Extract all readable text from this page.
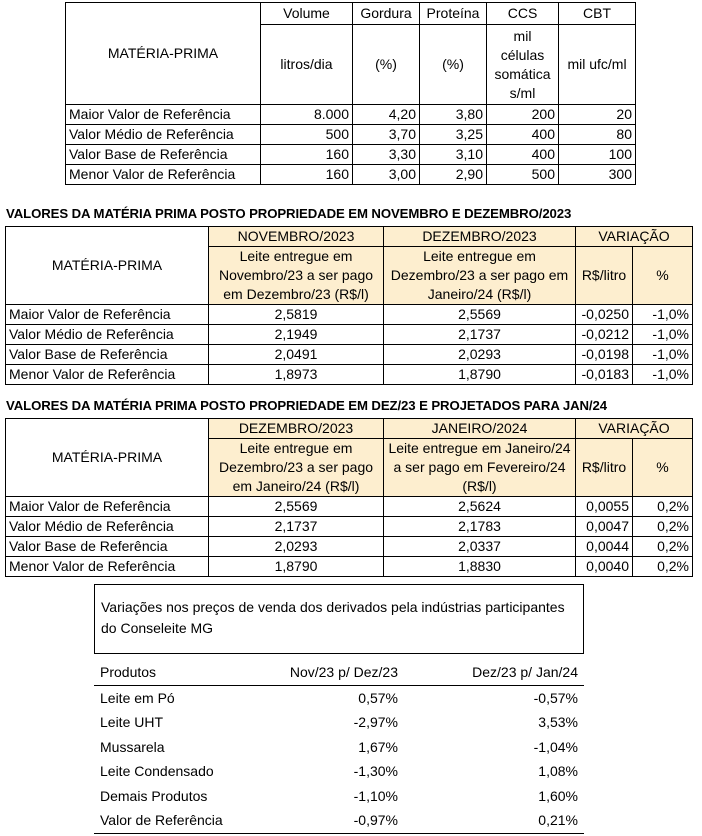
MATÉRIA-PRIMA	Volume	Gordura	Proteína	CCS	CBT
	litros/dia	(%)	(%)	mil células somática s/ml	mil ufc/ml
Maior Valor de Referência	8.000	4,20	3,80	200	20
Valor Médio de Referência	500	3,70	3,25	400	80
Valor Base de Referência	160	3,30	3,10	400	100
Menor Valor de Referência	160	3,00	2,90	500	300
VALORES DA MATÉRIA PRIMA POSTO PROPRIEDADE EM NOVEMBRO E DEZEMBRO/2023
MATÉRIA-PRIMA	NOVEMBRO/2023	DEZEMBRO/2023	VARIAÇÃO	
	Leite entregue em Novembro/23 a ser pago em Dezembro/23 (R$/l)	Leite entregue em Dezembro/23 a ser pago em Janeiro/24 (R$/l)	R$/litro	%
Maior Valor de Referência	2,5819	2,5569	-0,0250	-1,0%
Valor Médio de Referência	2,1949	2,1737	-0,0212	-1,0%
Valor Base de Referência	2,0491	2,0293	-0,0198	-1,0%
Menor Valor de Referência	1,8973	1,8790	-0,0183	-1,0%
VALORES DA MATÉRIA PRIMA POSTO PROPRIEDADE EM DEZ/23 E PROJETADOS PARA JAN/24
MATÉRIA-PRIMA	DEZEMBRO/2023	JANEIRO/2024	VARIAÇÃO	
	Leite entregue em Dezembro/23 a ser pago em Janeiro/24 (R$/l)	Leite entregue em Janeiro/24 a ser pago em Fevereiro/24 (R$/l)	R$/litro	%
Maior Valor de Referência	2,5569	2,5624	0,0055	0,2%
Valor Médio de Referência	2,1737	2,1783	0,0047	0,2%
Valor Base de Referência	2,0293	2,0337	0,0044	0,2%
Menor Valor de Referência	1,8790	1,8830	0,0040	0,2%
Variações nos preços de venda dos derivados pela indústrias participantes do Conseleite MG
Produtos	Nov/23 p/ Dez/23	Dez/23 p/ Jan/24
Leite em Pó	0,57%	-0,57%
Leite UHT	-2,97%	3,53%
Mussarela	1,67%	-1,04%
Leite Condensado	-1,30%	1,08%
Demais Produtos	-1,10%	1,60%
Valor de Referência	-0,97%	0,21%
